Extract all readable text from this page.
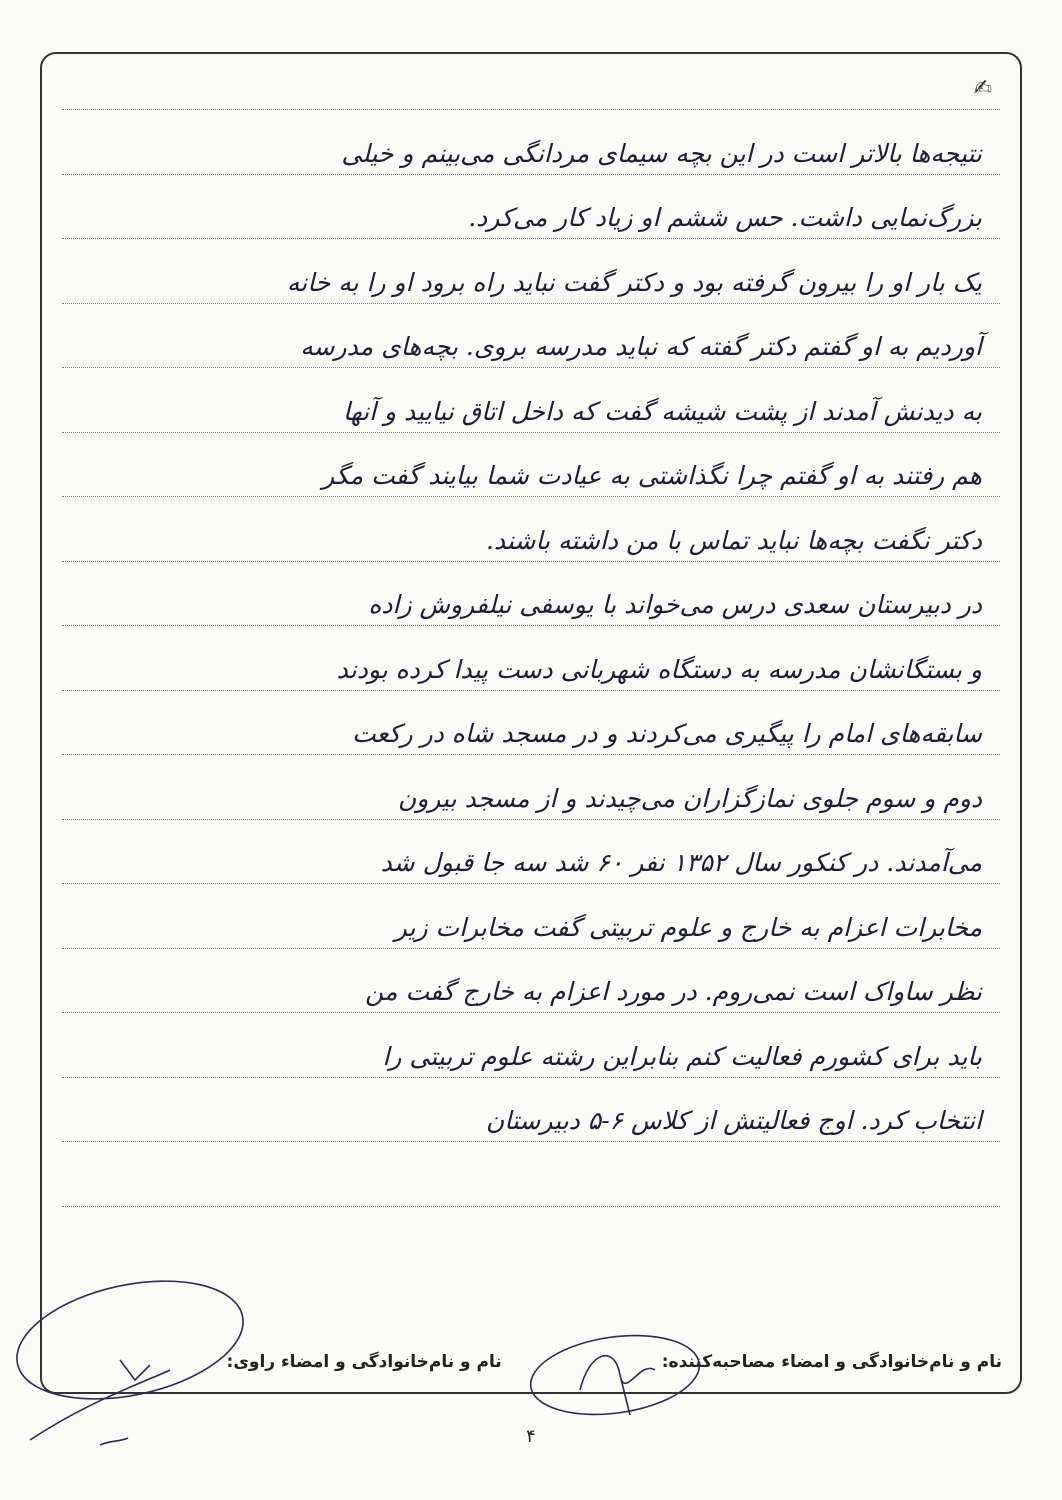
✍
نتیجه‌ها بالاتر است در این بچه سیمای مردانگی می‌بینم و خیلی
بزرگ‌نمایی داشت. حس ششم او زیاد کار می‌کرد.
یک بار او را بیرون گرفته بود و دکتر گفت نباید راه برود او را به خانه
آوردیم به او گفتم دکتر گفته که نباید مدرسه بروی. بچه‌های مدرسه
به دیدنش آمدند از پشت شیشه گفت که داخل اتاق نیایید و آنها
هم رفتند به او گفتم چرا نگذاشتی به عیادت شما بیایند گفت مگر
دکتر نگفت بچه‌ها نباید تماس با من داشته باشند.
در دبیرستان سعدی درس می‌خواند با یوسفی نیلفروش زاده
و بستگانشان مدرسه به دستگاه شهربانی دست پیدا کرده بودند
سابقه‌های امام را پیگیری می‌کردند و در مسجد شاه در رکعت
دوم و سوم جلوی نمازگزاران می‌چیدند و از مسجد بیرون
می‌آمدند. در کنکور سال ۱۳۵۲ نفر ۶۰ شد سه جا قبول شد
مخابرات اعزام به خارج و علوم تربیتی گفت مخابرات زیر
نظر ساواک است نمی‌روم. در مورد اعزام به خارج گفت من
باید برای کشورم فعالیت کنم بنابراین رشته علوم تربیتی را
انتخاب کرد. اوج فعالیتش از کلاس ۶-۵ دبیرستان
نام و نام‌خانوادگی و امضاء مصاحبه‌کننده:
نام و نام‌خانوادگی و امضاء راوی:
۴
